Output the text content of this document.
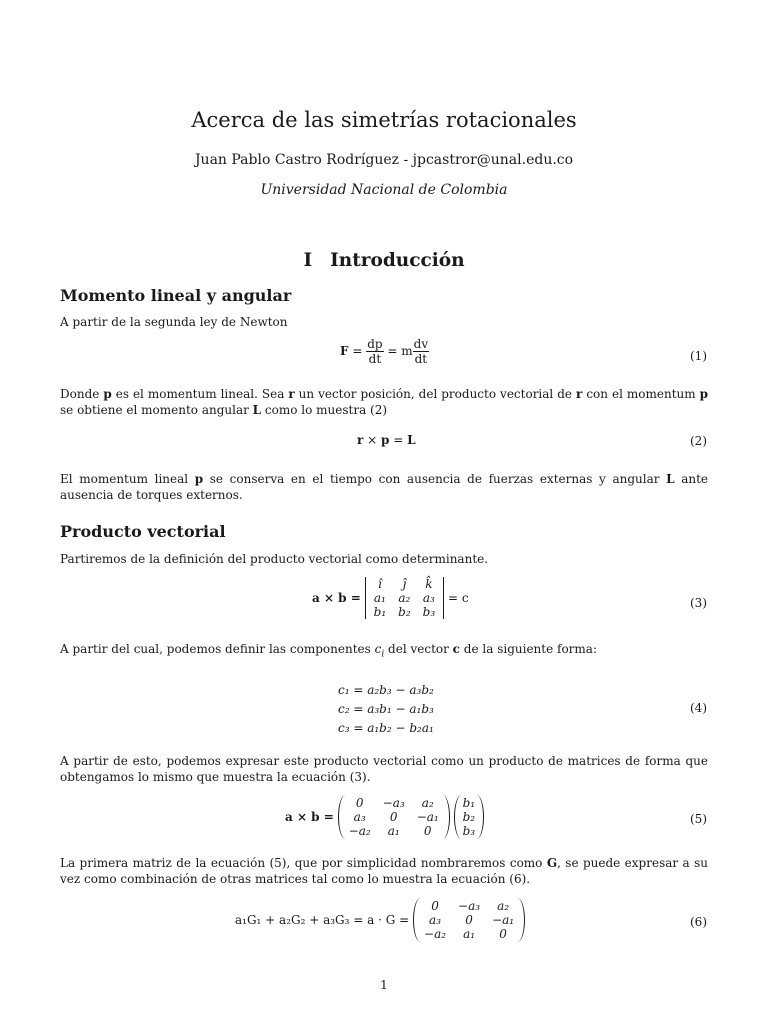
Acerca de las simetrías rotacionales
Juan Pablo Castro Rodríguez - jpcastror@unal.edu.co
Universidad Nacional de Colombia
I Introducción
Momento lineal y angular
A partir de la segunda ley de Newton
$F = \frac{dp}{dt} = m \frac{dv}{dt}$	(1)
Donde p es el momentum lineal. Sea r un vector posición, del producto vectorial de r con el momentum p se obtiene el momento angular L como lo muestra (2)
r × p = L	(2)
El momentum lineal p se conserva en el tiempo con ausencia de fuerzas externas y angular L ante ausencia de torques externos.
Producto vectorial
Partiremos de la definición del producto vectorial como determinante.
a × b =
î	ĵ	k̂
a₁	a₂	a₃
b₁	b₂	b₃
= c	(3)
A partir del cual, podemos definir las componentes $c_i$ del vector c de la siguiente forma:
c₁ = a₂b₃ − a₃b₂
c₂ = a₃b₁ − a₁b₃
c₃ = a₁b₂ − b₂a₁
(4)
A partir de esto, podemos expresar este producto vectorial como un producto de matrices de forma que obtengamos lo mismo que muestra la ecuación (3).
a × b =
0	−a₃	a₂
a₃	0	−a₁
−a₂	a₁	0

b₁
b₂
b₃
(5)
La primera matriz de la ecuación (5), que por simplicidad nombraremos como G, se puede expresar a su vez como combinación de otras matrices tal como lo muestra la ecuación (6).
a₁G₁ + a₂G₂ + a₃G₃ = a · G =
0	−a₃	a₂
a₃	0	−a₁
−a₂	a₁	0
(6)
1
